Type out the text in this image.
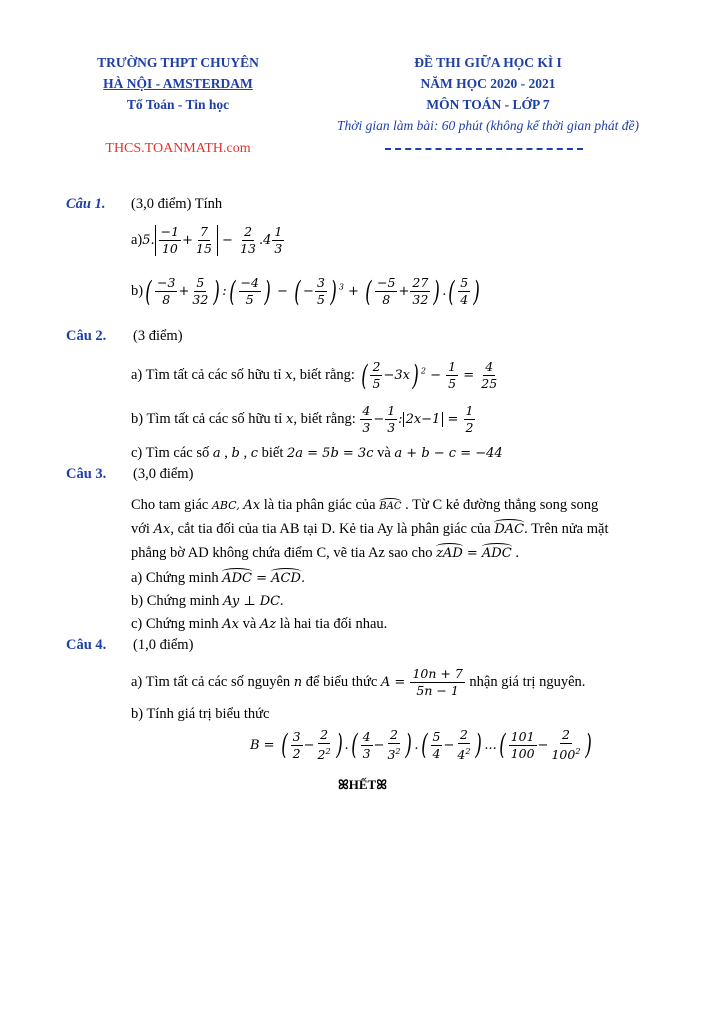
TRƯỜNG THPT CHUYÊN
HÀ NỘI - AMSTERDAM
Tổ Toán - Tin học
THCS.TOANMATH.com
ĐỀ THI GIỮA HỌC KÌ I
NĂM HỌC 2020 - 2021
MÔN TOÁN - LỚP 7
Thời gian làm bài: 60 phút (không kể thời gian phát đề)
Câu 1. (3,0 điểm) Tính
a)5. $\frac{-1}{10} + \frac{7}{15} - \frac{2}{13} .4 \frac{1}{3}$
$b)( \frac{-3}{8} + \frac{5}{32}$ ) :( $\frac{-4}{5}$ ) − ( − $\frac{3}{5}$ ) $^3$ + ( $\frac{-5}{8} + \frac{27}{32}$ ) .( $\frac{5}{4}$ )
Câu 2. (3 điểm)
a) Tìm tất cả các số hữu tỉ x, biết rằng: ( $\frac{2}{5} -3x$) $^2 - \frac{1}{5} = \frac{4}{25}$
b) Tìm tất cả các số hữu tỉ x, biết rằng: $\frac{4}{3} - \frac{1}{3}$ : $2x-1 = \frac{1}{2}$
c) Tìm các số a , b , c biết 2a = 5b = 3c và a + b − c = −44
Câu 3. (3,0 điểm)
Cho tam giác ABC, Ax là tia phân giác của BAC . Từ C kẻ đường thẳng song song
với Ax, cắt tia đối của tia AB tại D. Kẻ tia Ay là phân giác của DAC. Trên nửa mặt
phẳng bờ AD không chứa điểm C, vẽ tia Az sao cho zAD = ADC .
a) Chứng minh ADC = ACD.
b) Chứng minh Ay ⊥ DC.
c) Chứng minh Ax và Az là hai tia đối nhau.
Câu 4. (1,0 điểm)
a) Tìm tất cả các số nguyên n để biểu thức $A = \frac{10n + 7}{5n - 1}$ nhận giá trị nguyên.
b) Tính giá trị biểu thức
B = ( $\frac{3}{2} - \frac{2}{2^2}$ ) .( $\frac{4}{3} - \frac{2}{3^2}$ ) .( $\frac{5}{4} - \frac{2}{4^2}$ ) ...( $\frac{101}{100} - \frac{2}{100^2}$ )
ꕤHẾTꕤ
